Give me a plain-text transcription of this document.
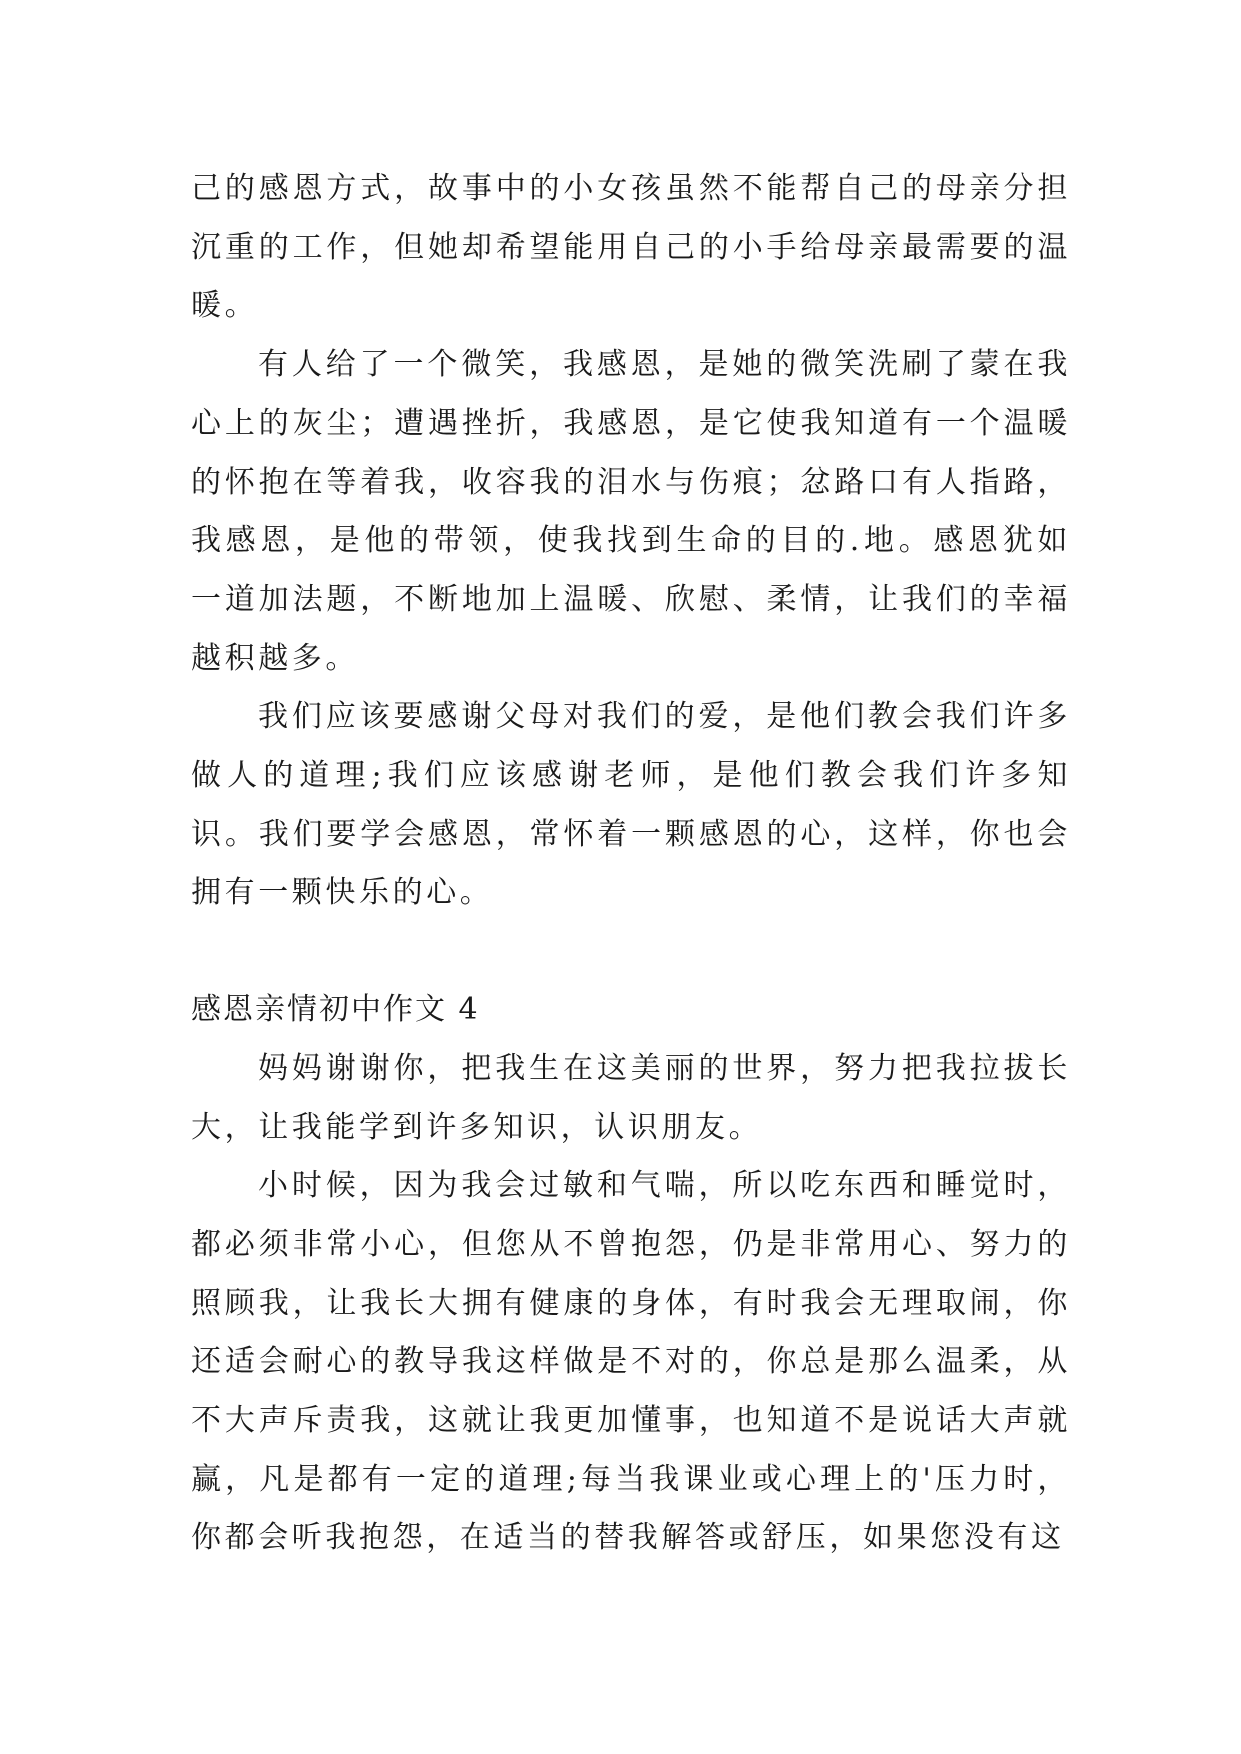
己的感恩方式，故事中的小女孩虽然不能帮自己的母亲分担沉重的工作，但她却希望能用自己的小手给母亲最需要的温暖。

有人给了一个微笑，我感恩，是她的微笑洗刷了蒙在我心上的灰尘；遭遇挫折，我感恩，是它使我知道有一个温暖的怀抱在等着我，收容我的泪水与伤痕；忿路口有人指路，我感恩，是他的带领，使我找到生命的目的.地。感恩犹如一道加法题，不断地加上温暖、欣慰、柔情，让我们的幸福越积越多。

我们应该要感谢父母对我们的爱，是他们教会我们许多做人的道理;我们应该感谢老师，是他们教会我们许多知识。我们要学会感恩，常怀着一颗感恩的心，这样，你也会拥有一颗快乐的心。

感恩亲情初中作文 4

妈妈谢谢你，把我生在这美丽的世界，努力把我拉拔长大，让我能学到许多知识，认识朋友。

小时候，因为我会过敏和气喘，所以吃东西和睡觉时，都必须非常小心，但您从不曾抱怨，仍是非常用心、努力的照顾我，让我长大拥有健康的身体，有时我会无理取闹，你还适会耐心的教导我这样做是不对的，你总是那么温柔，从不大声斥责我，这就让我更加懂事，也知道不是说话大声就赢，凡是都有一定的道理;每当我课业或心理上的'压力时，你都会听我抱怨，在适当的替我解答或舒压，如果您没有这
